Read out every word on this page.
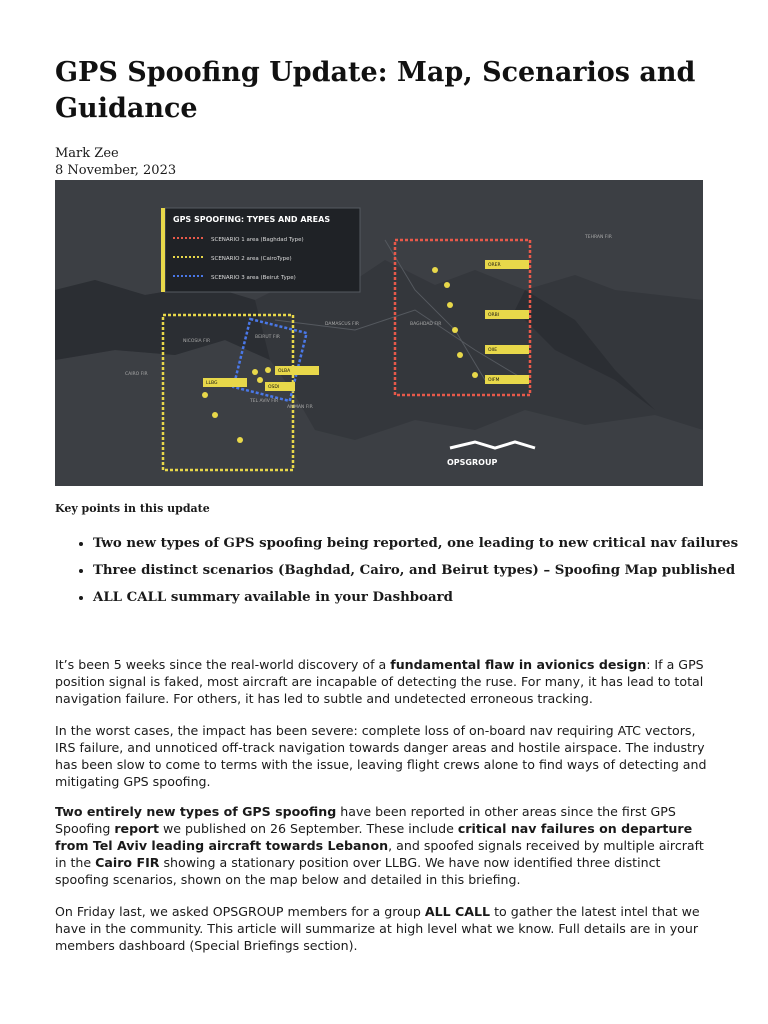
GPS Spoofing Update: Map, Scenarios and Guidance
Mark Zee
8 November, 2023
GPS SPOOFING: TYPES AND AREAS
SCENARIO 1 area (Baghdad Type)
SCENARIO 2 area (CairoType)
SCENARIO 3 area (Beirut Type)
NICOSIA FIR
BEIRUT FIR
AMMAN FIR
TEL AVIV FIR
CAIRO FIR
BAGHDAD FIR
TEHRAN FIR
DAMASCUS FIR
OLBA
LLBG
OSDI
ORER
ORBI
OIIE
OIFM
OPSGROUP
Key points in this update
• Two new types of GPS spoofing being reported, one leading to new critical nav failures
• Three distinct scenarios (Baghdad, Cairo, and Beirut types) – Spoofing Map published
• ALL CALL summary available in your Dashboard

It’s been 5 weeks since the real-world discovery of a fundamental flaw in avionics design: If a GPS position signal is faked, most aircraft are incapable of detecting the ruse. For many, it has lead to total navigation failure. For others, it has led to subtle and undetected erroneous tracking.

In the worst cases, the impact has been severe: complete loss of on-board nav requiring ATC vectors, IRS failure, and unnoticed off-track navigation towards danger areas and hostile airspace. The industry has been slow to come to terms with the issue, leaving flight crews alone to find ways of detecting and mitigating GPS spoofing.

Two entirely new types of GPS spoofing have been reported in other areas since the first GPS Spoofing report we published on 26 September. These include critical nav failures on departure from Tel Aviv leading aircraft towards Lebanon, and spoofed signals received by multiple aircraft in the Cairo FIR showing a stationary position over LLBG. We have now identified three distinct spoofing scenarios, shown on the map below and detailed in this briefing.

On Friday last, we asked OPSGROUP members for a group ALL CALL to gather the latest intel that we have in the community. This article will summarize at high level what we know. Full details are in your members dashboard (Special Briefings section).
